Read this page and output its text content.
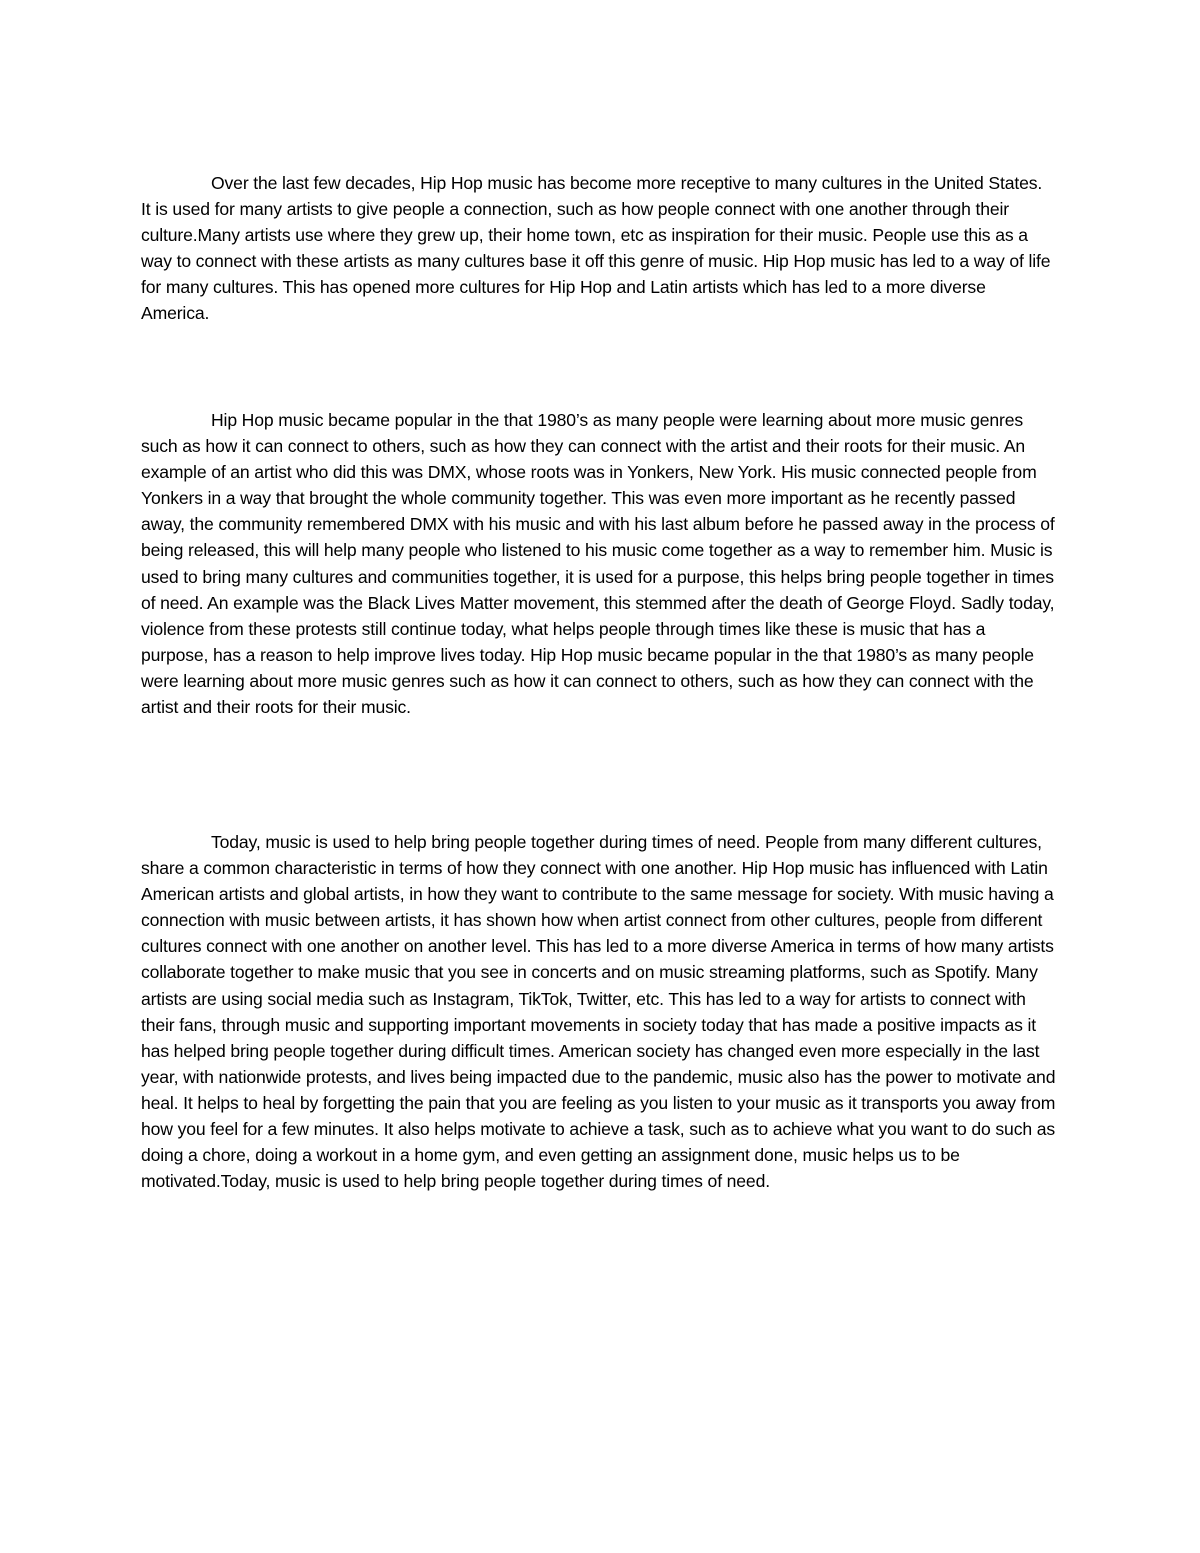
Over the last few decades, Hip Hop music has become more receptive to many cultures in the United States. It is used for many artists to give people a connection, such as how people connect with one another through their culture.Many artists use where they grew up, their home town, etc as inspiration for their music. People use this as a way to connect with these artists as many cultures base it off this genre of music. Hip Hop music has led to a way of life for many cultures. This has opened more cultures for Hip Hop and Latin artists which has led to a more diverse America.

Hip Hop music became popular in the that 1980’s as many people were learning about more music genres such as how it can connect to others, such as how they can connect with the artist and their roots for their music. An example of an artist who did this was DMX, whose roots was in Yonkers, New York. His music connected people from Yonkers in a way that brought the whole community together. This was even more important as he recently passed away, the community remembered DMX with his music and with his last album before he passed away in the process of being released, this will help many people who listened to his music come together as a way to remember him. Music is used to bring many cultures and communities together, it is used for a purpose, this helps bring people together in times of need. An example was the Black Lives Matter movement, this stemmed after the death of George Floyd. Sadly today, violence from these protests still continue today, what helps people through times like these is music that has a purpose, has a reason to help improve lives today. Hip Hop music became popular in the that 1980’s as many people were learning about more music genres such as how it can connect to others, such as how they can connect with the artist and their roots for their music.

Today, music is used to help bring people together during times of need. People from many different cultures, share a common characteristic in terms of how they connect with one another. Hip Hop music has influenced with Latin American artists and global artists, in how they want to contribute to the same message for society. With music having a connection with music between artists, it has shown how when artist connect from other cultures, people from different cultures connect with one another on another level. This has led to a more diverse America in terms of how many artists collaborate together to make music that you see in concerts and on music streaming platforms, such as Spotify. Many artists are using social media such as Instagram, TikTok, Twitter, etc. This has led to a way for artists to connect with their fans, through music and supporting important movements in society today that has made a positive impacts as it has helped bring people together during difficult times. American society has changed even more especially in the last year, with nationwide protests, and lives being impacted due to the pandemic, music also has the power to motivate and heal. It helps to heal by forgetting the pain that you are feeling as you listen to your music as it transports you away from how you feel for a few minutes. It also helps motivate to achieve a task, such as to achieve what you want to do such as doing a chore, doing a workout in a home gym, and even getting an assignment done, music helps us to be motivated.Today, music is used to help bring people together during times of need.
